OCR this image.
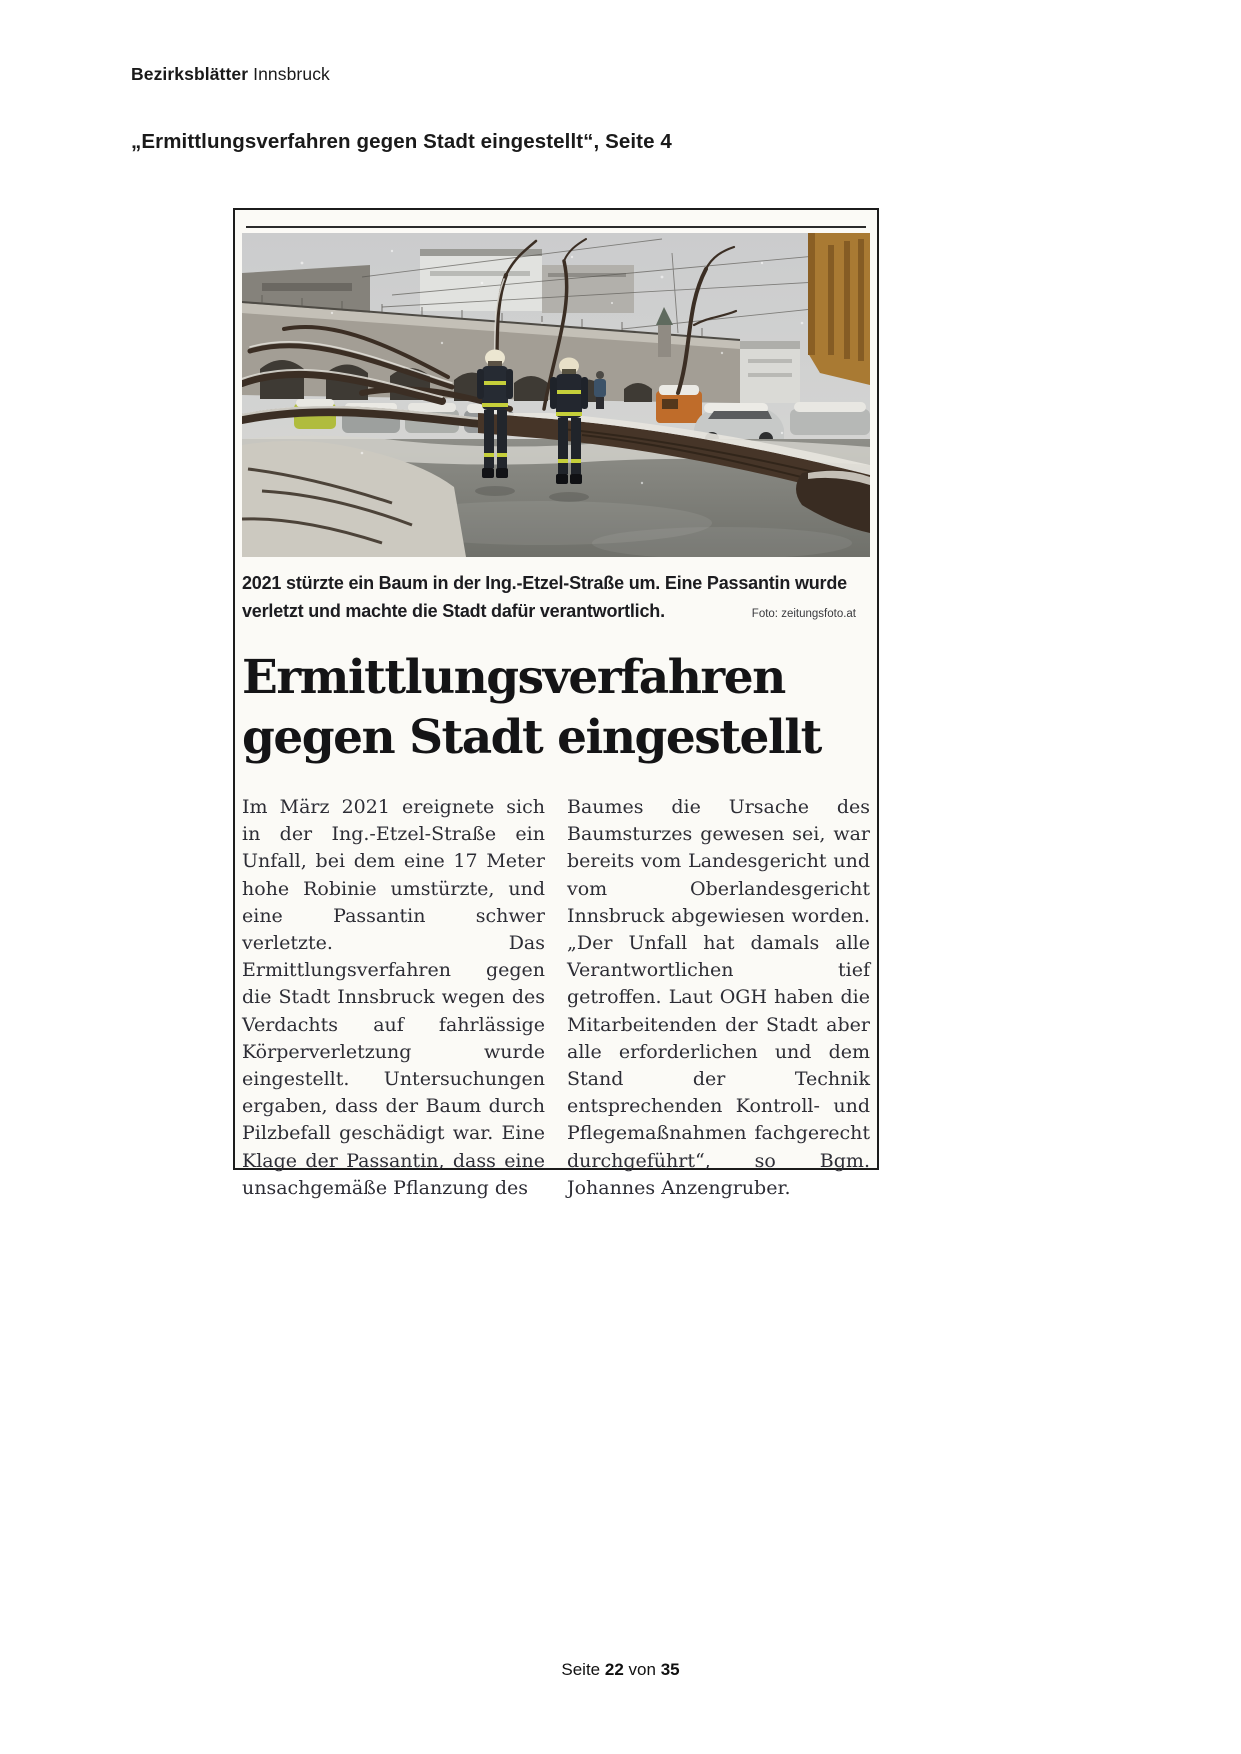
Bezirksblätter Innsbruck
„Ermittlungsverfahren gegen Stadt eingestellt“, Seite 4
2021 stürzte ein Baum in der Ing.-Etzel-Straße um. Eine Passantin wurde
verletzt und machte die Stadt dafür verantwortlich.	Foto: zeitungsfoto.at
Ermittlungsverfahren
gegen Stadt eingestellt
Im März 2021 ereignete sich in der Ing.-Etzel-Straße ein Unfall, bei dem eine 17 Meter hohe Robinie umstürzte, und eine Passantin schwer verletzte. Das Ermittlungsverfahren gegen die Stadt Innsbruck wegen des Verdachts auf fahrlässige Körperverletzung wurde eingestellt. Untersuchungen ergaben, dass der Baum durch Pilzbefall geschädigt war. Eine Klage der Passantin, dass eine unsachgemäße Pflanzung des
Baumes die Ursache des Baumsturzes gewesen sei, war bereits vom Landesgericht und vom Oberlandesgericht Innsbruck abgewiesen worden. „Der Unfall hat damals alle Verantwortlichen tief getroffen. Laut OGH haben die Mitarbeitenden der Stadt aber alle erforderlichen und dem Stand der Technik entsprechenden Kontroll- und Pflegemaßnahmen fachgerecht durchgeführt“, so Bgm. Johannes Anzengruber.
Seite 22 von 35
